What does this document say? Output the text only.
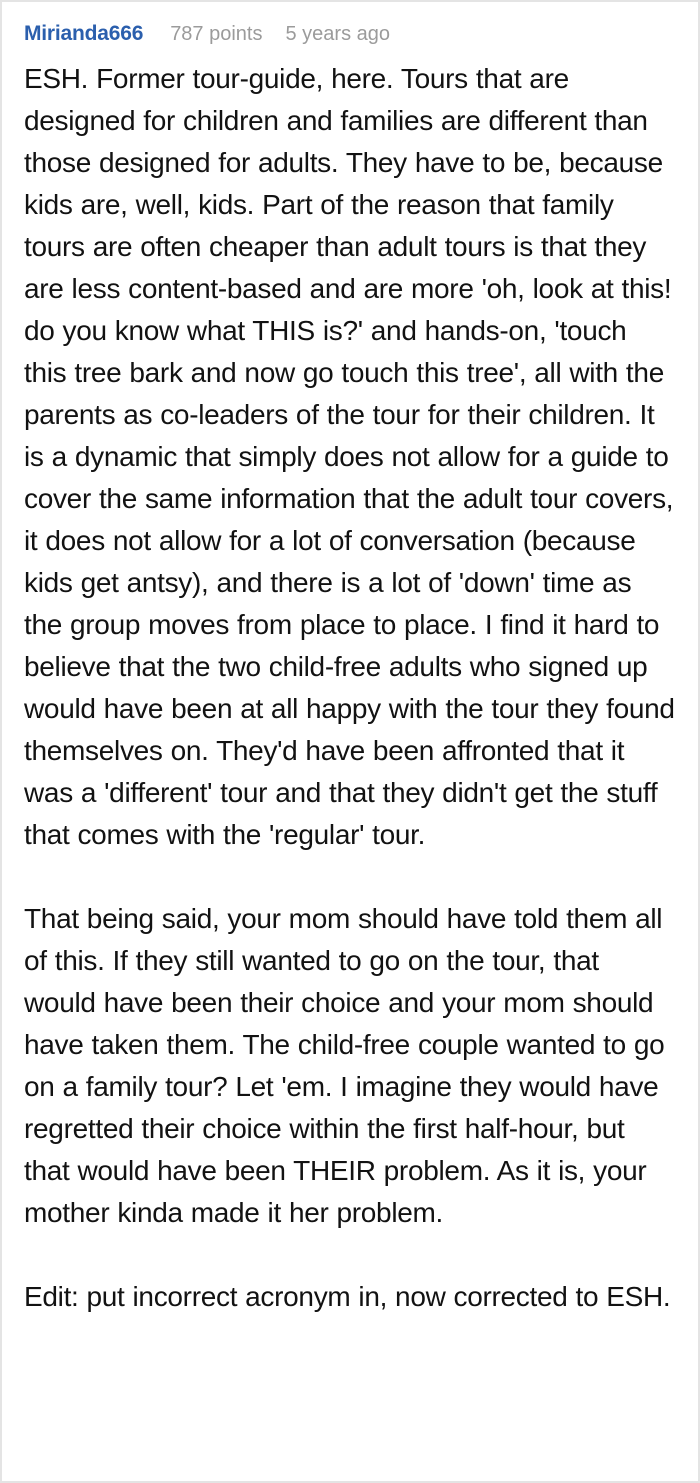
Mirianda666 787 points 5 years ago

ESH. Former tour-guide, here. Tours that are designed for children and families are different than those designed for adults. They have to be, because kids are, well, kids. Part of the reason that family tours are often cheaper than adult tours is that they are less content-based and are more 'oh, look at this! do you know what THIS is?' and hands-on, 'touch this tree bark and now go touch this tree', all with the parents as co-leaders of the tour for their children. It is a dynamic that simply does not allow for a guide to cover the same information that the adult tour covers, it does not allow for a lot of conversation (because kids get antsy), and there is a lot of 'down' time as the group moves from place to place. I find it hard to believe that the two child-free adults who signed up would have been at all happy with the tour they found themselves on. They'd have been affronted that it was a 'different' tour and that they didn't get the stuff that comes with the 'regular' tour.

That being said, your mom should have told them all of this. If they still wanted to go on the tour, that would have been their choice and your mom should have taken them. The child-free couple wanted to go on a family tour? Let 'em. I imagine they would have regretted their choice within the first half-hour, but that would have been THEIR problem. As it is, your mother kinda made it her problem.

Edit: put incorrect acronym in, now corrected to ESH.
